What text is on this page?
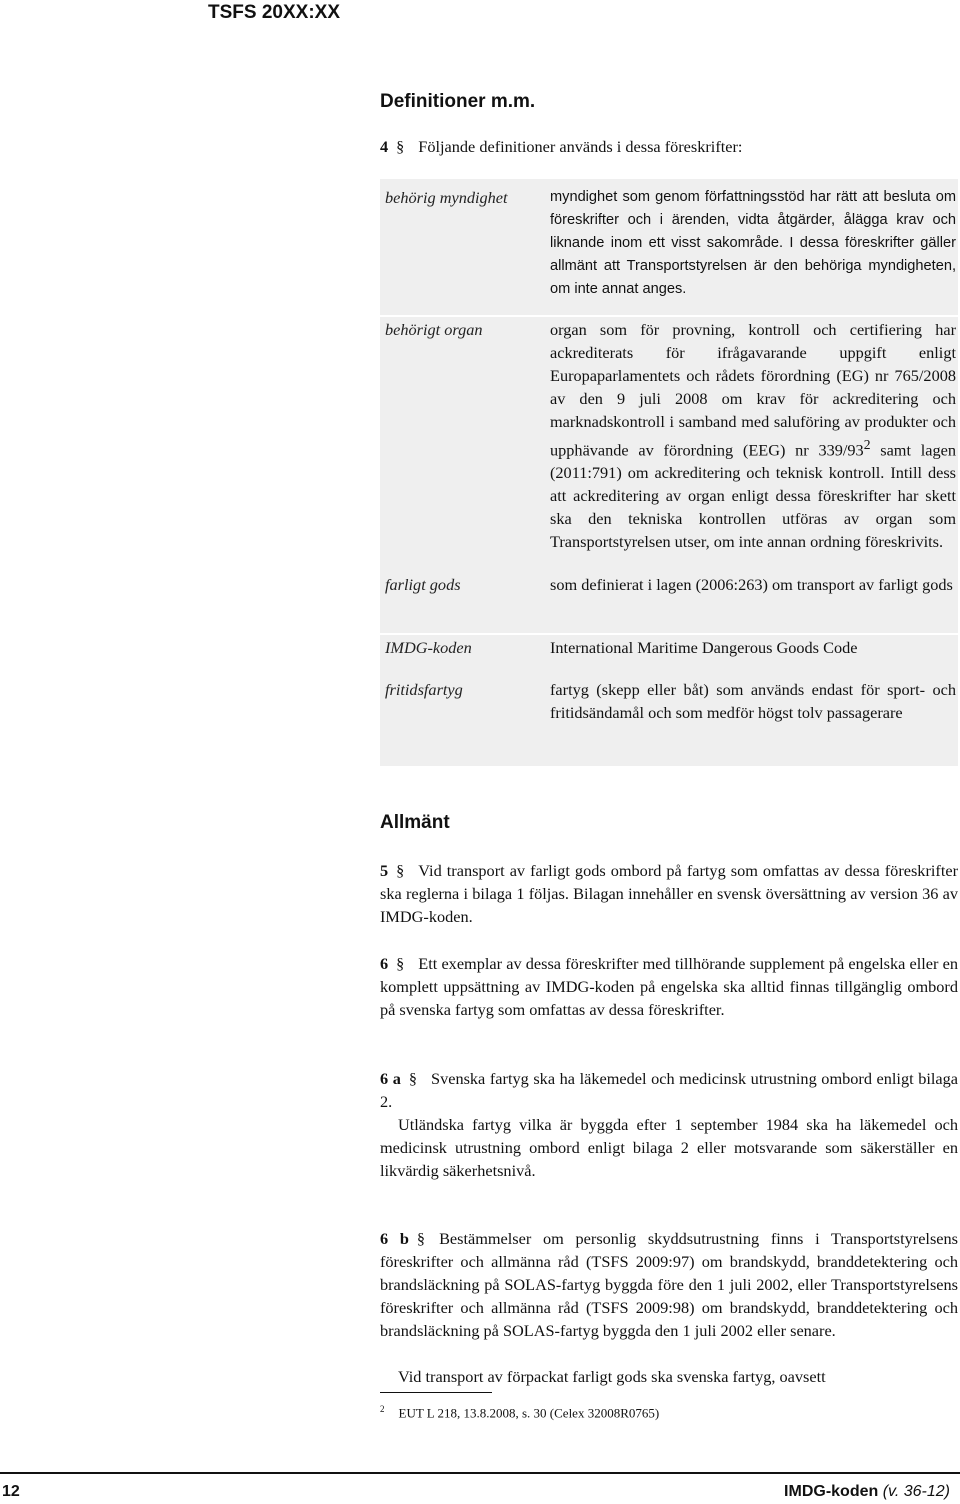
TSFS 20XX:XX
Definitioner m.m.

4 § Följande definitioner används i dessa föreskrifter:

behörig myndighet	myndighet som genom författningsstöd har rätt att besluta om föreskrifter och i ärenden, vidta åtgärder, ålägga krav och liknande inom ett visst sakområde. I dessa föreskrifter gäller allmänt att Transportstyrelsen är den behöriga myndigheten, om inte annat anges.

behörigt organ	organ som för provning, kontroll och certifiering har ackrediterats för ifrågavarande uppgift enligt Europaparlamentets och rådets förordning (EG) nr 765/2008 av den 9 juli 2008 om krav för ackreditering och marknadskontroll i samband med saluföring av produkter och upphävande av förordning (EEG) nr $339/93^2$ samt lagen (2011:791) om ackreditering och teknisk kontroll. Intill dess att ackreditering av organ enligt dessa föreskrifter har skett ska den tekniska kontrollen utföras av organ som Transportstyrelsen utser, om inte annan ordning föreskrivits.

farligt gods	som definierat i lagen (2006:263) om transport av farligt gods

IMDG-koden	International Maritime Dangerous Goods Code

fritidsfartyg	fartyg (skepp eller båt) som används endast för sport- och fritidsändamål och som medför högst tolv passagerare

Allmänt

5 § Vid transport av farligt gods ombord på fartyg som omfattas av dessa föreskrifter ska reglerna i bilaga 1 följas. Bilagan innehåller en svensk översättning av version 36 av IMDG-koden.

6 § Ett exemplar av dessa föreskrifter med tillhörande supplement på engelska eller en komplett uppsättning av IMDG-koden på engelska ska alltid finnas tillgänglig ombord på svenska fartyg som omfattas av dessa föreskrifter.

6 a § Svenska fartyg ska ha läkemedel och medicinsk utrustning ombord enligt bilaga 2.

Utländska fartyg vilka är byggda efter 1 september 1984 ska ha läkemedel och medicinsk utrustning ombord enligt bilaga 2 eller motsvarande som säkerställer en likvärdig säkerhetsnivå.

6 b § Bestämmelser om personlig skyddsutrustning finns i Transportstyrelsens föreskrifter och allmänna råd (TSFS 2009:97) om brandskydd, branddetektering och brandsläckning på SOLAS-fartyg byggda före den 1 juli 2002, eller Transportstyrelsens föreskrifter och allmänna råd (TSFS 2009:98) om brandskydd, branddetektering och brandsläckning på SOLAS-fartyg byggda den 1 juli 2002 eller senare.

Vid transport av förpackat farligt gods ska svenska fartyg, oavsett

$^2$ EUT L 218, 13.8.2008, s. 30 (Celex 32008R0765)
12	IMDG-koden (v. 36-12)
